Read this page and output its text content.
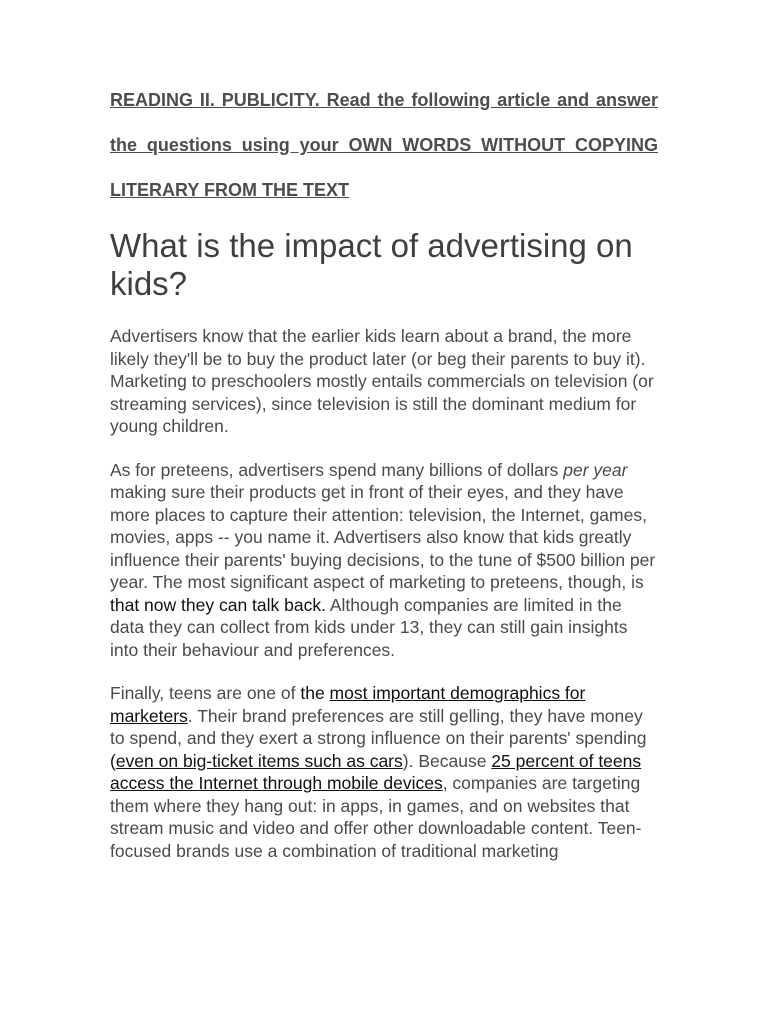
READING II. PUBLICITY. Read the following article and answer the questions using your OWN WORDS WITHOUT COPYING LITERARY FROM THE TEXT

What is the impact of advertising on kids?

Advertisers know that the earlier kids learn about a brand, the more likely they'll be to buy the product later (or beg their parents to buy it). Marketing to preschoolers mostly entails commercials on television (or streaming services), since television is still the dominant medium for young children.

As for preteens, advertisers spend many billions of dollars per year making sure their products get in front of their eyes, and they have more places to capture their attention: television, the Internet, games, movies, apps -- you name it. Advertisers also know that kids greatly influence their parents' buying decisions, to the tune of $500 billion per year. The most significant aspect of marketing to preteens, though, is that now they can talk back. Although companies are limited in the data they can collect from kids under 13, they can still gain insights into their behaviour and preferences.

Finally, teens are one of the most important demographics for marketers. Their brand preferences are still gelling, they have money to spend, and they exert a strong influence on their parents' spending (even on big-ticket items such as cars). Because 25 percent of teens access the Internet through mobile devices, companies are targeting them where they hang out: in apps, in games, and on websites that stream music and video and offer other downloadable content. Teen-focused brands use a combination of traditional marketing
